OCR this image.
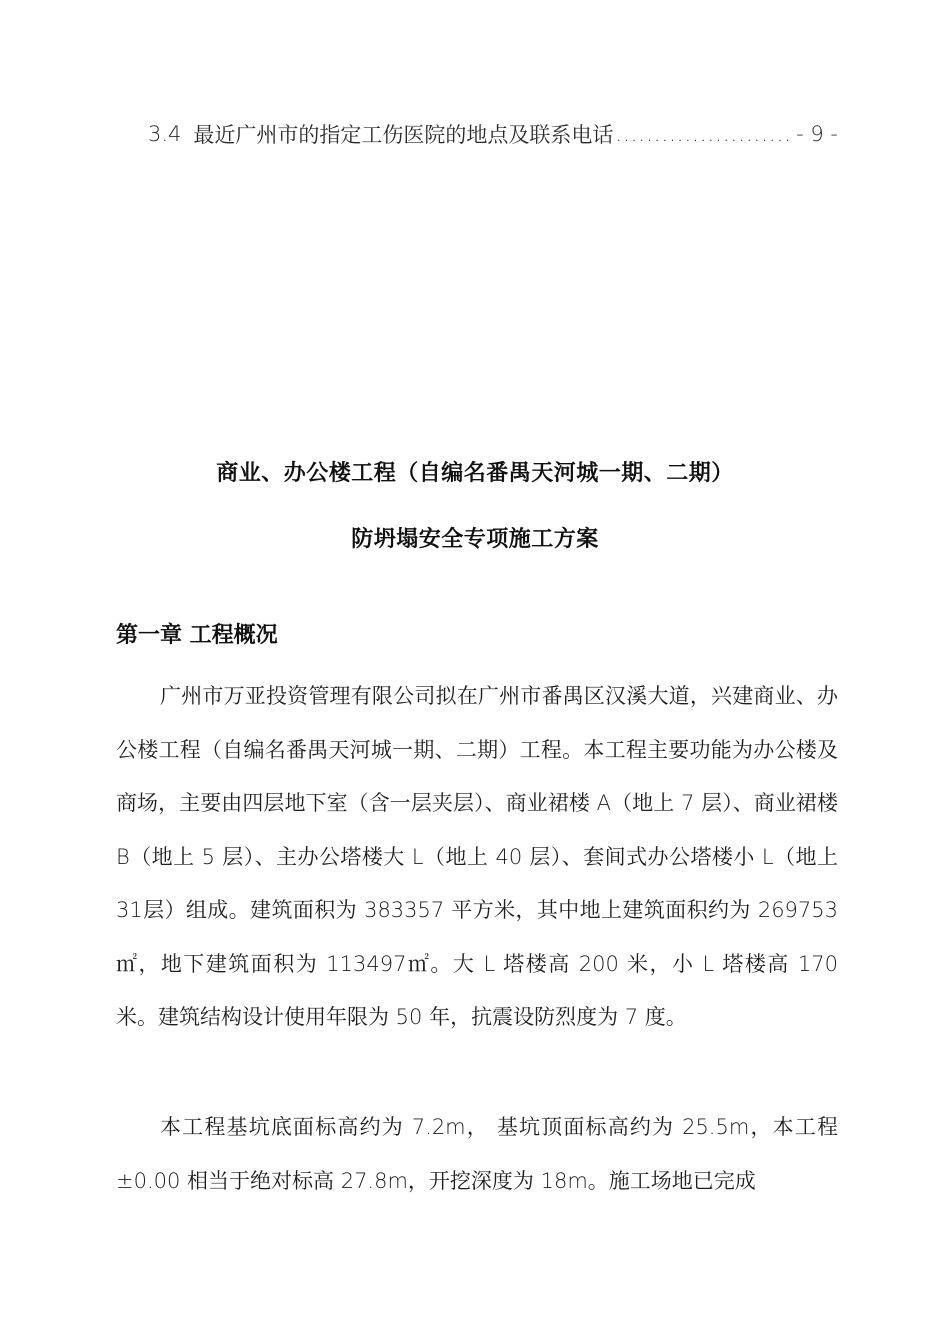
3.4 最近广州市的指定工伤医院的地点及联系电话
.....	- 9 -
商业、办公楼工程（自编名番禺天河城一期、二期）
防坍塌安全专项施工方案
第一章 工程概况

广州市万亚投资管理有限公司拟在广州市番禺区汉溪大道，兴建商业、办公楼工程（自编名番禺天河城一期、二期）工程。本工程主要功能为办公楼及商场，主要由四层地下室（含一层夹层）、商业裙楼 A（地上 7 层）、商业裙楼 B（地上 5 层）、主办公塔楼大 L（地上 40 层）、套间式办公塔楼小 L（地上 31层）组成。建筑面积为 383357 平方米，其中地上建筑面积约为 269753㎡，地下建筑面积为 113497㎡。大 L 塔楼高 200 米，小 L 塔楼高 170 米。建筑结构设计使用年限为 50 年，抗震设防烈度为 7 度。

本工程基坑底面标高约为 7.2m， 基坑顶面标高约为 25.5m，本工程±0.00 相当于绝对标高 27.8m，开挖深度为 18m。施工场地已完成
